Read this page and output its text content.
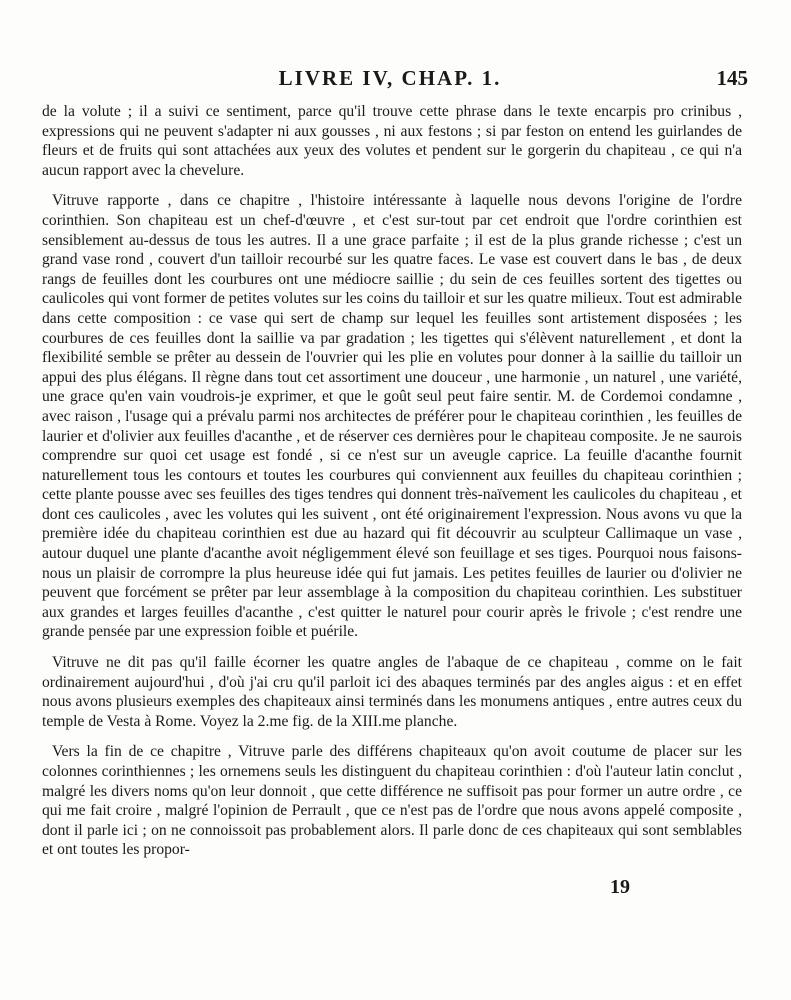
LIVRE IV, CHAP. 1.	145

de la volute ; il a suivi ce sentiment, parce qu'il trouve cette phrase dans le texte encarpis pro crinibus , expressions qui ne peuvent s'adapter ni aux gousses , ni aux festons ; si par feston on entend les guirlandes de fleurs et de fruits qui sont attachées aux yeux des volutes et pendent sur le gorgerin du chapiteau , ce qui n'a aucun rapport avec la chevelure.

Vitruve rapporte , dans ce chapitre , l'histoire intéressante à laquelle nous devons l'origine de l'ordre corinthien. Son chapiteau est un chef-d'œuvre , et c'est sur-tout par cet endroit que l'ordre corinthien est sensiblement au-dessus de tous les autres. Il a une grace parfaite ; il est de la plus grande richesse ; c'est un grand vase rond , couvert d'un tailloir recourbé sur les quatre faces. Le vase est couvert dans le bas , de deux rangs de feuilles dont les courbures ont une médiocre saillie ; du sein de ces feuilles sortent des tigettes ou caulicoles qui vont former de petites volutes sur les coins du tailloir et sur les quatre milieux. Tout est admirable dans cette composition : ce vase qui sert de champ sur lequel les feuilles sont artistement disposées ; les courbures de ces feuilles dont la saillie va par gradation ; les tigettes qui s'élèvent naturellement , et dont la flexibilité semble se prêter au dessein de l'ouvrier qui les plie en volutes pour donner à la saillie du tailloir un appui des plus élégans. Il règne dans tout cet assortiment une douceur , une harmonie , un naturel , une variété, une grace qu'en vain voudrois-je exprimer, et que le goût seul peut faire sentir. M. de Cordemoi condamne , avec raison , l'usage qui a prévalu parmi nos architectes de préférer pour le chapiteau corinthien , les feuilles de laurier et d'olivier aux feuilles d'acanthe , et de réserver ces dernières pour le chapiteau composite. Je ne saurois comprendre sur quoi cet usage est fondé , si ce n'est sur un aveugle caprice. La feuille d'acanthe fournit naturellement tous les contours et toutes les courbures qui conviennent aux feuilles du chapiteau corinthien ; cette plante pousse avec ses feuilles des tiges tendres qui donnent très-naïvement les caulicoles du chapiteau , et dont ces caulicoles , avec les volutes qui les suivent , ont été originairement l'expression. Nous avons vu que la première idée du chapiteau corinthien est due au hazard qui fit découvrir au sculpteur Callimaque un vase , autour duquel une plante d'acanthe avoit négligemment élevé son feuillage et ses tiges. Pourquoi nous faisons-nous un plaisir de corrompre la plus heureuse idée qui fut jamais. Les petites feuilles de laurier ou d'olivier ne peuvent que forcément se prêter par leur assemblage à la composition du chapiteau corinthien. Les substituer aux grandes et larges feuilles d'acanthe , c'est quitter le naturel pour courir après le frivole ; c'est rendre une grande pensée par une expression foible et puérile.

Vitruve ne dit pas qu'il faille écorner les quatre angles de l'abaque de ce chapiteau , comme on le fait ordinairement aujourd'hui , d'où j'ai cru qu'il parloit ici des abaques terminés par des angles aigus : et en effet nous avons plusieurs exemples des chapiteaux ainsi terminés dans les monumens antiques , entre autres ceux du temple de Vesta à Rome. Voyez la 2.me fig. de la XIII.me planche.

Vers la fin de ce chapitre , Vitruve parle des différens chapiteaux qu'on avoit coutume de placer sur les colonnes corinthiennes ; les ornemens seuls les distinguent du chapiteau corinthien : d'où l'auteur latin conclut , malgré les divers noms qu'on leur donnoit , que cette différence ne suffisoit pas pour former un autre ordre , ce qui me fait croire , malgré l'opinion de Perrault , que ce n'est pas de l'ordre que nous avons appelé composite , dont il parle ici ; on ne connoissoit pas probablement alors. Il parle donc de ces chapiteaux qui sont semblables et ont toutes les propor-

19
